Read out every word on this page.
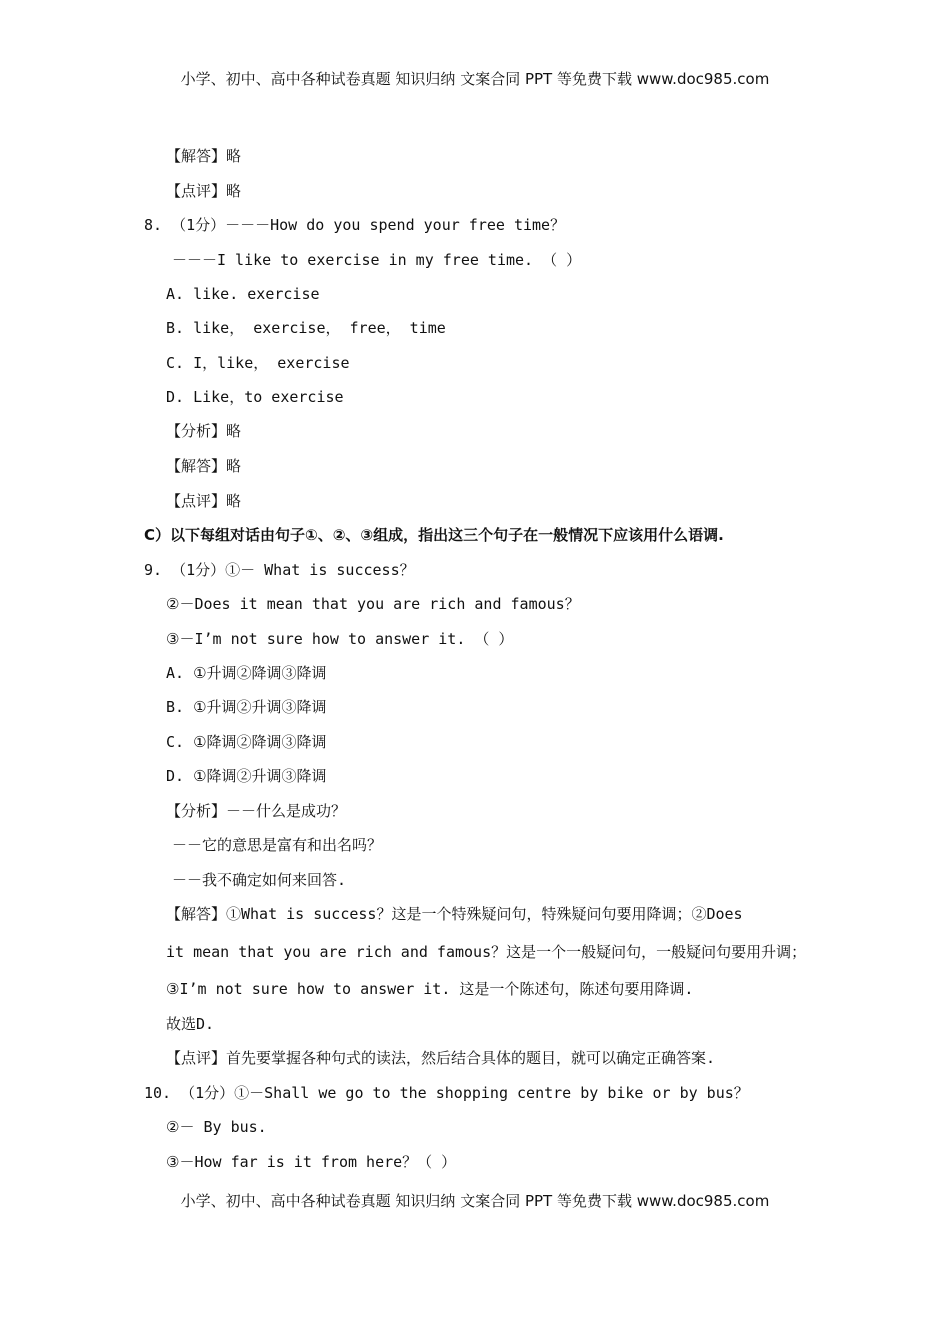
小学、初中、高中各种试卷真题 知识归纳 文案合同 PPT 等免费下载 www.doc985.com
【解答】略
【点评】略
8. （1分）－－－How do you spend your free time？
－－－I like to exercise in my free time. （ ）
A. like. exercise
B. like， exercise， free， time
C. I，like， exercise
D. Like，to exercise
【分析】略
【解答】略
【点评】略
C）以下每组对话由句子①、②、③组成，指出这三个句子在一般情况下应该用什么语调.
9. （1分）①－ What is success？
②－Does it mean that you are rich and famous？
③－I’m not sure how to answer it. （ ）
A. ①升调②降调③降调
B. ①升调②升调③降调
C. ①降调②降调③降调
D. ①降调②升调③降调
【分析】－－什么是成功？
－－它的意思是富有和出名吗？
－－我不确定如何来回答.
【解答】①What is success？这是一个特殊疑问句，特殊疑问句要用降调；②Does
it mean that you are rich and famous？这是一个一般疑问句，一般疑问句要用升调；
③I’m not sure how to answer it. 这是一个陈述句，陈述句要用降调.
故选D.
【点评】首先要掌握各种句式的读法，然后结合具体的题目，就可以确定正确答案.
10. （1分）①－Shall we go to the shopping centre by bike or by bus？
②－ By bus.
③－How far is it from here？（ ）
小学、初中、高中各种试卷真题 知识归纳 文案合同 PPT 等免费下载 www.doc985.com
